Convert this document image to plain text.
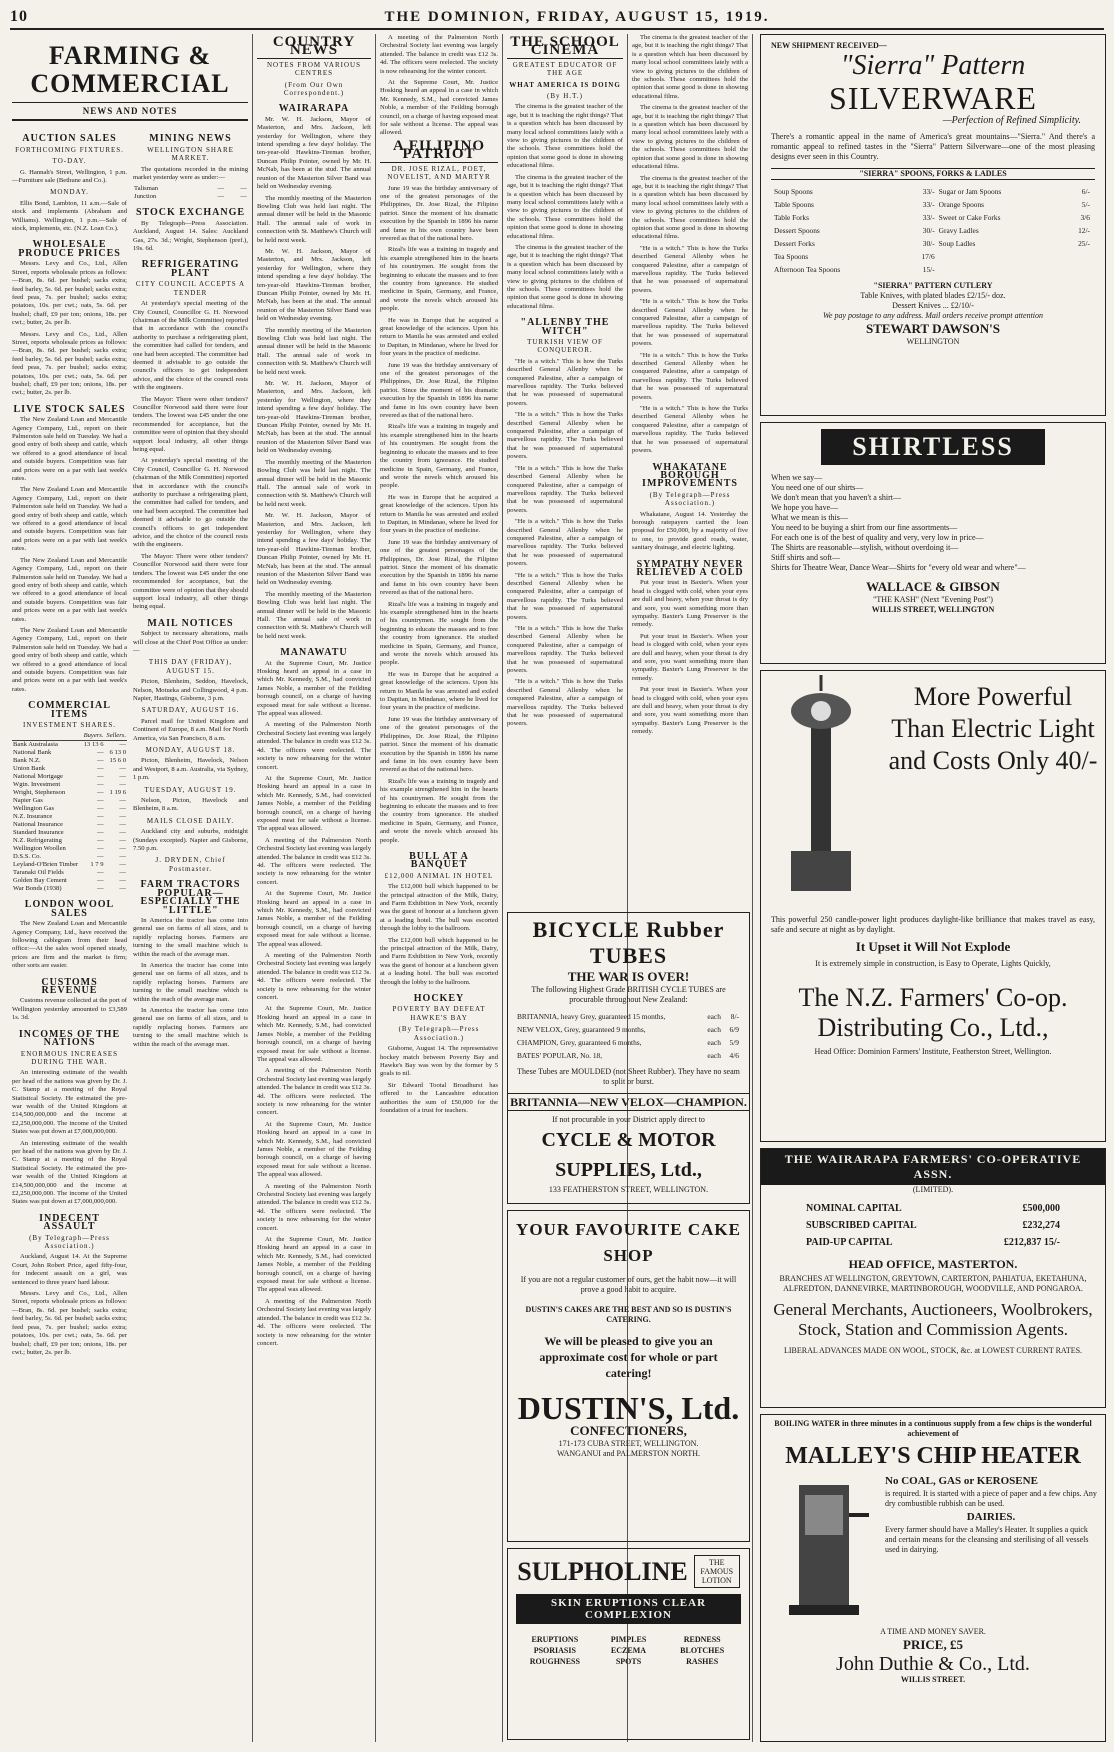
10	THE DOMINION, FRIDAY, AUGUST 15, 1919.
FARMING & COMMERCIAL
NEWS AND NOTES
AUCTION SALES
FORTHCOMING FIXTURES.
TO-DAY.

G. Hannah's Street, Wellington, 1 p.m.—Furniture sale (Bethune and Co.).

MONDAY.

Ellis Bond, Lambton, 11 a.m.—Sale of stock and implements (Abraham and Williams). Wellington, 1 p.m.—Sale of stock, implements, etc. (N.Z. Loan Co.).

WHOLESALE PRODUCE PRICES

Messrs. Levy and Co., Ltd., Allen Street, reports wholesale prices as follows:—Bran, 8s. 6d. per bushel; sacks extra; feed barley, 5s. 6d. per bushel; sacks extra; feed peas, 7s. per bushel; sacks extra; potatoes, 10s. per cwt.; oats, 5s. 6d. per bushel; chaff, £9 per ton; onions, 18s. per cwt.; butter, 2s. per lb.

Messrs. Levy and Co., Ltd., Allen Street, reports wholesale prices as follows:—Bran, 8s. 6d. per bushel; sacks extra; feed barley, 5s. 6d. per bushel; sacks extra; feed peas, 7s. per bushel; sacks extra; potatoes, 10s. per cwt.; oats, 5s. 6d. per bushel; chaff, £9 per ton; onions, 18s. per cwt.; butter, 2s. per lb.

LIVE STOCK SALES

The New Zealand Loan and Mercantile Agency Company, Ltd., report on their Palmerston sale held on Tuesday. We had a good entry of both sheep and cattle, which we offered to a good attendance of local and outside buyers. Competition was fair and prices were on a par with last week's rates.

The New Zealand Loan and Mercantile Agency Company, Ltd., report on their Palmerston sale held on Tuesday. We had a good entry of both sheep and cattle, which we offered to a good attendance of local and outside buyers. Competition was fair and prices were on a par with last week's rates.

The New Zealand Loan and Mercantile Agency Company, Ltd., report on their Palmerston sale held on Tuesday. We had a good entry of both sheep and cattle, which we offered to a good attendance of local and outside buyers. Competition was fair and prices were on a par with last week's rates.

The New Zealand Loan and Mercantile Agency Company, Ltd., report on their Palmerston sale held on Tuesday. We had a good entry of both sheep and cattle, which we offered to a good attendance of local and outside buyers. Competition was fair and prices were on a par with last week's rates.

COMMERCIAL ITEMS
INVESTMENT SHARES.
	Buyers.	Sellers.
Bank Australasia	13 13 6	—
National Bank	—	6 13 0
Bank N.Z.	—	15 6 0
Union Bank	—	—
National Mortgage	—	—
Wgtn. Investment	—	—
Wright, Stephenson	—	1 19 6
Napier Gas	—	—
Wellington Gas	—	—
N.Z. Insurance	—	—
National Insurance	—	—
Standard Insurance	—	—
N.Z. Refrigerating	—	—
Wellington Woollen	—	—
D.S.S. Co.	—	—
Leyland-O'Brien Timber	1 7 9	—
Taranaki Oil Fields	—	—
Golden Bay Cement	—	—
War Bonds (1938)	—	—
LONDON WOOL SALES

The New Zealand Loan and Mercantile Agency Company, Ltd., have received the following cablegram from their head office:—At the sales wool opened steady, prices are firm and the market is firm; other sorts are easier.

CUSTOMS REVENUE

Customs revenue collected at the port of Wellington yesterday amounted to £3,589 1s. 3d.

INCOMES OF THE NATIONS
ENORMOUS INCREASES DURING THE WAR.

An interesting estimate of the wealth per head of the nations was given by Dr. J. C. Stamp at a meeting of the Royal Statistical Society. He estimated the pre-war wealth of the United Kingdom at £14,500,000,000 and the income at £2,250,000,000. The income of the United States was put down at £7,000,000,000.

An interesting estimate of the wealth per head of the nations was given by Dr. J. C. Stamp at a meeting of the Royal Statistical Society. He estimated the pre-war wealth of the United Kingdom at £14,500,000,000 and the income at £2,250,000,000. The income of the United States was put down at £7,000,000,000.

INDECENT ASSAULT
(By Telegraph—Press Association.)

Auckland, August 14. At the Supreme Court, John Robert Price, aged fifty-four, for indecent assault on a girl, was sentenced to three years' hard labour.

Messrs. Levy and Co., Ltd., Allen Street, reports wholesale prices as follows:—Bran, 8s. 6d. per bushel; sacks extra; feed barley, 5s. 6d. per bushel; sacks extra; feed peas, 7s. per bushel; sacks extra; potatoes, 10s. per cwt.; oats, 5s. 6d. per bushel; chaff, £9 per ton; onions, 18s. per cwt.; butter, 2s. per lb.

MINING NEWS
WELLINGTON SHARE MARKET.

The quotations recorded in the mining market yesterday were as under:—

Talisman	—	—
Junction	—	—
STOCK EXCHANGE

By Telegraph—Press Association. Auckland, August 14. Sales: Auckland Gas, 27s. 3d.; Wright, Stephenson (pref.), 19s. 6d.

REFRIGERATING PLANT
CITY COUNCIL ACCEPTS A TENDER

At yesterday's special meeting of the City Council, Councillor G. H. Norwood (chairman of the Milk Committee) reported that in accordance with the council's authority to purchase a refrigerating plant, the committee had called for tenders, and one had been accepted. The committee had deemed it advisable to go outside the council's officers to get independent advice, and the choice of the council rests with the engineers.

The Mayor: There were other tenders? Councillor Norwood said there were four tenders. The lowest was £45 under the one recommended for acceptance, but the committee were of opinion that they should support local industry, all other things being equal.

At yesterday's special meeting of the City Council, Councillor G. H. Norwood (chairman of the Milk Committee) reported that in accordance with the council's authority to purchase a refrigerating plant, the committee had called for tenders, and one had been accepted. The committee had deemed it advisable to go outside the council's officers to get independent advice, and the choice of the council rests with the engineers.

The Mayor: There were other tenders? Councillor Norwood said there were four tenders. The lowest was £45 under the one recommended for acceptance, but the committee were of opinion that they should support local industry, all other things being equal.

MAIL NOTICES

Subject to necessary alterations, mails will close at the Chief Post Office as under:—

THIS DAY (FRIDAY), AUGUST 15.

Picton, Blenheim, Seddon, Havelock, Nelson, Motueka and Collingwood, 4 p.m. Napier, Hastings, Gisborne, 3 p.m.

SATURDAY, AUGUST 16.

Parcel mail for United Kingdom and Continent of Europe, 8 a.m. Mail for North America, via San Francisco, 8 a.m.

MONDAY, AUGUST 18.

Picton, Blenheim, Havelock, Nelson and Westport, 8 a.m. Australia, via Sydney, 1 p.m.

TUESDAY, AUGUST 19.

Nelson, Picton, Havelock and Blenheim, 8 a.m.

MAILS CLOSE DAILY.

Auckland city and suburbs, midnight (Sundays excepted). Napier and Gisborne, 7.50 p.m.

J. DRYDEN, Chief Postmaster.
FARM TRACTORS POPULAR—ESPECIALLY THE "LITTLE"

In America the tractor has come into general use on farms of all sizes, and is rapidly replacing horses. Farmers are turning to the small machine which is within the reach of the average man.

In America the tractor has come into general use on farms of all sizes, and is rapidly replacing horses. Farmers are turning to the small machine which is within the reach of the average man.

In America the tractor has come into general use on farms of all sizes, and is rapidly replacing horses. Farmers are turning to the small machine which is within the reach of the average man.

COUNTRY NEWS
NOTES FROM VARIOUS CENTRES
(From Our Own Correspondent.)
WAIRARAPA

Mr. W. H. Jackson, Mayor of Masterton, and Mrs. Jackson, left yesterday for Wellington, where they intend spending a few days' holiday. The ten-year-old Hawkins-Tireman brother, Duncan Philip Pointer, owned by Mr. H. McNab, has been at the stud. The annual reunion of the Masterton Silver Band was held on Wednesday evening.

The monthly meeting of the Masterton Bowling Club was held last night. The annual dinner will be held in the Masonic Hall. The annual sale of work in connection with St. Matthew's Church will be held next week.

Mr. W. H. Jackson, Mayor of Masterton, and Mrs. Jackson, left yesterday for Wellington, where they intend spending a few days' holiday. The ten-year-old Hawkins-Tireman brother, Duncan Philip Pointer, owned by Mr. H. McNab, has been at the stud. The annual reunion of the Masterton Silver Band was held on Wednesday evening.

The monthly meeting of the Masterton Bowling Club was held last night. The annual dinner will be held in the Masonic Hall. The annual sale of work in connection with St. Matthew's Church will be held next week.

Mr. W. H. Jackson, Mayor of Masterton, and Mrs. Jackson, left yesterday for Wellington, where they intend spending a few days' holiday. The ten-year-old Hawkins-Tireman brother, Duncan Philip Pointer, owned by Mr. H. McNab, has been at the stud. The annual reunion of the Masterton Silver Band was held on Wednesday evening.

The monthly meeting of the Masterton Bowling Club was held last night. The annual dinner will be held in the Masonic Hall. The annual sale of work in connection with St. Matthew's Church will be held next week.

Mr. W. H. Jackson, Mayor of Masterton, and Mrs. Jackson, left yesterday for Wellington, where they intend spending a few days' holiday. The ten-year-old Hawkins-Tireman brother, Duncan Philip Pointer, owned by Mr. H. McNab, has been at the stud. The annual reunion of the Masterton Silver Band was held on Wednesday evening.

The monthly meeting of the Masterton Bowling Club was held last night. The annual dinner will be held in the Masonic Hall. The annual sale of work in connection with St. Matthew's Church will be held next week.

MANAWATU

At the Supreme Court, Mr. Justice Hosking heard an appeal in a case in which Mr. Kennedy, S.M., had convicted James Noble, a member of the Feilding borough council, on a charge of having exposed meat for sale without a license. The appeal was allowed.

A meeting of the Palmerston North Orchestral Society last evening was largely attended. The balance in credit was £12 3s. 4d. The officers were reelected. The society is now rehearsing for the winter concert.

At the Supreme Court, Mr. Justice Hosking heard an appeal in a case in which Mr. Kennedy, S.M., had convicted James Noble, a member of the Feilding borough council, on a charge of having exposed meat for sale without a license. The appeal was allowed.

A meeting of the Palmerston North Orchestral Society last evening was largely attended. The balance in credit was £12 3s. 4d. The officers were reelected. The society is now rehearsing for the winter concert.

At the Supreme Court, Mr. Justice Hosking heard an appeal in a case in which Mr. Kennedy, S.M., had convicted James Noble, a member of the Feilding borough council, on a charge of having exposed meat for sale without a license. The appeal was allowed.

A meeting of the Palmerston North Orchestral Society last evening was largely attended. The balance in credit was £12 3s. 4d. The officers were reelected. The society is now rehearsing for the winter concert.

At the Supreme Court, Mr. Justice Hosking heard an appeal in a case in which Mr. Kennedy, S.M., had convicted James Noble, a member of the Feilding borough council, on a charge of having exposed meat for sale without a license. The appeal was allowed.

A meeting of the Palmerston North Orchestral Society last evening was largely attended. The balance in credit was £12 3s. 4d. The officers were reelected. The society is now rehearsing for the winter concert.

At the Supreme Court, Mr. Justice Hosking heard an appeal in a case in which Mr. Kennedy, S.M., had convicted James Noble, a member of the Feilding borough council, on a charge of having exposed meat for sale without a license. The appeal was allowed.

A meeting of the Palmerston North Orchestral Society last evening was largely attended. The balance in credit was £12 3s. 4d. The officers were reelected. The society is now rehearsing for the winter concert.

At the Supreme Court, Mr. Justice Hosking heard an appeal in a case in which Mr. Kennedy, S.M., had convicted James Noble, a member of the Feilding borough council, on a charge of having exposed meat for sale without a license. The appeal was allowed.

A meeting of the Palmerston North Orchestral Society last evening was largely attended. The balance in credit was £12 3s. 4d. The officers were reelected. The society is now rehearsing for the winter concert.

A meeting of the Palmerston North Orchestral Society last evening was largely attended. The balance in credit was £12 3s. 4d. The officers were reelected. The society is now rehearsing for the winter concert.

At the Supreme Court, Mr. Justice Hosking heard an appeal in a case in which Mr. Kennedy, S.M., had convicted James Noble, a member of the Feilding borough council, on a charge of having exposed meat for sale without a license. The appeal was allowed.

A FILIPINO PATRIOT
DR. JOSE RIZAL, POET, NOVELIST, AND MARTYR

June 19 was the birthday anniversary of one of the greatest personages of the Philippines, Dr. Jose Rizal, the Filipino patriot. Since the moment of his dramatic execution by the Spanish in 1896 his name and fame in his own country have been revered as that of the national hero.

Rizal's life was a training in tragedy and his example strengthened him in the hearts of his countrymen. He sought from the beginning to educate the masses and to free the country from ignorance. He studied medicine in Spain, Germany, and France, and wrote the novels which aroused his people.

He was in Europe that he acquired a great knowledge of the sciences. Upon his return to Manila he was arrested and exiled to Dapitan, in Mindanao, where he lived for four years in the practice of medicine.

June 19 was the birthday anniversary of one of the greatest personages of the Philippines, Dr. Jose Rizal, the Filipino patriot. Since the moment of his dramatic execution by the Spanish in 1896 his name and fame in his own country have been revered as that of the national hero.

Rizal's life was a training in tragedy and his example strengthened him in the hearts of his countrymen. He sought from the beginning to educate the masses and to free the country from ignorance. He studied medicine in Spain, Germany, and France, and wrote the novels which aroused his people.

He was in Europe that he acquired a great knowledge of the sciences. Upon his return to Manila he was arrested and exiled to Dapitan, in Mindanao, where he lived for four years in the practice of medicine.

June 19 was the birthday anniversary of one of the greatest personages of the Philippines, Dr. Jose Rizal, the Filipino patriot. Since the moment of his dramatic execution by the Spanish in 1896 his name and fame in his own country have been revered as that of the national hero.

Rizal's life was a training in tragedy and his example strengthened him in the hearts of his countrymen. He sought from the beginning to educate the masses and to free the country from ignorance. He studied medicine in Spain, Germany, and France, and wrote the novels which aroused his people.

He was in Europe that he acquired a great knowledge of the sciences. Upon his return to Manila he was arrested and exiled to Dapitan, in Mindanao, where he lived for four years in the practice of medicine.

June 19 was the birthday anniversary of one of the greatest personages of the Philippines, Dr. Jose Rizal, the Filipino patriot. Since the moment of his dramatic execution by the Spanish in 1896 his name and fame in his own country have been revered as that of the national hero.

Rizal's life was a training in tragedy and his example strengthened him in the hearts of his countrymen. He sought from the beginning to educate the masses and to free the country from ignorance. He studied medicine in Spain, Germany, and France, and wrote the novels which aroused his people.

BULL AT A BANQUET
£12,000 ANIMAL IN HOTEL

The £12,000 bull which happened to be the principal attraction of the Milk, Dairy, and Farm Exhibition in New York, recently was the guest of honour at a luncheon given at a leading hotel. The bull was escorted through the lobby to the ballroom.

The £12,000 bull which happened to be the principal attraction of the Milk, Dairy, and Farm Exhibition in New York, recently was the guest of honour at a luncheon given at a leading hotel. The bull was escorted through the lobby to the ballroom.

HOCKEY
POVERTY BAY DEFEAT HAWKE'S BAY
(By Telegraph—Press Association.)

Gisborne, August 14. The representative hockey match between Poverty Bay and Hawke's Bay was won by the former by 5 goals to nil.

Sir Edward Tootal Broadhurst has offered to the Lancashire education authorities the sum of £50,000 for the foundation of a trust for teachers.

THE SCHOOL CINEMA
GREATEST EDUCATOR OF THE AGE
WHAT AMERICA IS DOING
(By H.T.)

The cinema is the greatest teacher of the age, but it is teaching the right things? That is a question which has been discussed by many local school committees lately with a view to giving pictures to the children of the schools. These committees hold the opinion that some good is done in showing educational films.

The cinema is the greatest teacher of the age, but it is teaching the right things? That is a question which has been discussed by many local school committees lately with a view to giving pictures to the children of the schools. These committees hold the opinion that some good is done in showing educational films.

The cinema is the greatest teacher of the age, but it is teaching the right things? That is a question which has been discussed by many local school committees lately with a view to giving pictures to the children of the schools. These committees hold the opinion that some good is done in showing educational films.

"ALLENBY THE WITCH"
TURKISH VIEW OF CONQUEROR.

"He is a witch." This is how the Turks described General Allenby when he conquered Palestine, after a campaign of marvellous rapidity. The Turks believed that he was possessed of supernatural powers.

"He is a witch." This is how the Turks described General Allenby when he conquered Palestine, after a campaign of marvellous rapidity. The Turks believed that he was possessed of supernatural powers.

"He is a witch." This is how the Turks described General Allenby when he conquered Palestine, after a campaign of marvellous rapidity. The Turks believed that he was possessed of supernatural powers.

"He is a witch." This is how the Turks described General Allenby when he conquered Palestine, after a campaign of marvellous rapidity. The Turks believed that he was possessed of supernatural powers.

"He is a witch." This is how the Turks described General Allenby when he conquered Palestine, after a campaign of marvellous rapidity. The Turks believed that he was possessed of supernatural powers.

"He is a witch." This is how the Turks described General Allenby when he conquered Palestine, after a campaign of marvellous rapidity. The Turks believed that he was possessed of supernatural powers.

"He is a witch." This is how the Turks described General Allenby when he conquered Palestine, after a campaign of marvellous rapidity. The Turks believed that he was possessed of supernatural powers.

The cinema is the greatest teacher of the age, but it is teaching the right things? That is a question which has been discussed by many local school committees lately with a view to giving pictures to the children of the schools. These committees hold the opinion that some good is done in showing educational films.

The cinema is the greatest teacher of the age, but it is teaching the right things? That is a question which has been discussed by many local school committees lately with a view to giving pictures to the children of the schools. These committees hold the opinion that some good is done in showing educational films.

The cinema is the greatest teacher of the age, but it is teaching the right things? That is a question which has been discussed by many local school committees lately with a view to giving pictures to the children of the schools. These committees hold the opinion that some good is done in showing educational films.

"He is a witch." This is how the Turks described General Allenby when he conquered Palestine, after a campaign of marvellous rapidity. The Turks believed that he was possessed of supernatural powers.

"He is a witch." This is how the Turks described General Allenby when he conquered Palestine, after a campaign of marvellous rapidity. The Turks believed that he was possessed of supernatural powers.

"He is a witch." This is how the Turks described General Allenby when he conquered Palestine, after a campaign of marvellous rapidity. The Turks believed that he was possessed of supernatural powers.

"He is a witch." This is how the Turks described General Allenby when he conquered Palestine, after a campaign of marvellous rapidity. The Turks believed that he was possessed of supernatural powers.

WHAKATANE BOROUGH IMPROVEMENTS
(By Telegraph—Press Association.)

Whakatane, August 14. Yesterday the borough ratepayers carried the loan proposal for £50,000, by a majority of five to one, to provide good roads, water, sanitary drainage, and electric lighting.

SYMPATHY NEVER RELIEVED A COLD

Put your trust in Baxter's. When your head is clogged with cold, when your eyes are dull and heavy, when your throat is dry and sore, you want something more than sympathy. Baxter's Lung Preserver is the remedy.

Put your trust in Baxter's. When your head is clogged with cold, when your eyes are dull and heavy, when your throat is dry and sore, you want something more than sympathy. Baxter's Lung Preserver is the remedy.

Put your trust in Baxter's. When your head is clogged with cold, when your eyes are dull and heavy, when your throat is dry and sore, you want something more than sympathy. Baxter's Lung Preserver is the remedy.

BICYCLE Rubber TUBES
THE WAR IS OVER!
The following Highest Grade BRITISH CYCLE TUBES are procurable throughout New Zealand:
BRITANNIA, heavy Grey, guaranteed 15 months,	each	8/-
NEW VELOX, Grey, guaranteed 9 months,	each	6/9
CHAMPION, Grey, guaranteed 6 months,	each	5/9
BATES' POPULAR, No. 18,	each	4/6
These Tubes are MOULDED (not Sheet Rubber). They have no seam to split or burst.
BRITANNIA—NEW VELOX—CHAMPION.
If not procurable in your District apply direct to
CYCLE & MOTOR SUPPLIES, Ltd.,
133 FEATHERSTON STREET, WELLINGTON.
YOUR FAVOURITE CAKE SHOP
If you are not a regular customer of ours, get the habit now—it will prove a good habit to acquire.
DUSTIN'S CAKES ARE THE BEST AND SO IS DUSTIN'S CATERING.
We will be pleased to give you an approximate cost for whole or part catering!
DUSTIN'S, Ltd.
CONFECTIONERS,
171-173 CUBA STREET, WELLINGTON.
WANGANUI and PALMERSTON NORTH.
SULPHOLINE	THE FAMOUS LOTION
SKIN ERUPTIONS CLEAR COMPLEXION
ERUPTIONS	PIMPLES	REDNESS
PSORIASIS	ECZEMA	BLOTCHES
ROUGHNESS	SPOTS	RASHES
NEW SHIPMENT RECEIVED—
"Sierra" Pattern
SILVERWARE
—Perfection of Refined Simplicity.
There's a romantic appeal in the name of America's great mountains—"Sierra." And there's a romantic appeal to refined tastes in the "Sierra" Pattern Silverware—one of the most pleasing designs ever seen in this Country.
"SIERRA" SPOONS, FORKS & LADLES
Soup Spoons	33/-	Sugar or Jam Spoons	6/-
Table Spoons	33/-	Orange Spoons	5/-
Table Forks	33/-	Sweet or Cake Forks	3/6
Dessert Spoons	30/-	Gravy Ladles	12/-
Dessert Forks	30/-	Soup Ladles	25/-
Tea Spoons	17/6		
Afternoon Tea Spoons	15/-		
"SIERRA" PATTERN CUTLERY
Table Knives, with plated blades £2/15/- doz.
Dessert Knives ... £2/10/-
We pay postage to any address. Mail orders receive prompt attention
STEWART DAWSON'S
WELLINGTON
SHIRTLESS
When we say—
You need one of our shirts—
We don't mean that you haven't a shirt—
We hope you have—
What we mean is this—
You need to be buying a shirt from our fine assortments—
For each one is of the best of quality and very, very low in price—
The Shirts are reasonable—stylish, without overdoing it—
Stiff shirts and soft—
Shirts for Theatre Wear, Dance Wear—Shirts for "every old wear and where"—
WALLACE & GIBSON
"THE KASH" (Next "Evening Post")
WILLIS STREET, WELLINGTON
More Powerful Than Electric Light and Costs Only 40/-
This powerful 250 candle-power light produces daylight-like brilliance that makes travel as easy, safe and secure at night as by daylight.
It Upset it Will Not Explode
It is extremely simple in construction, is Easy to Operate, Lights Quickly,
The N.Z. Farmers' Co-op. Distributing Co., Ltd.,
Head Office: Dominion Farmers' Institute, Featherston Street, Wellington.
THE WAIRARAPA FARMERS' CO-OPERATIVE ASSN.
(LIMITED).
NOMINAL CAPITAL	£500,000
SUBSCRIBED CAPITAL	£232,274
PAID-UP CAPITAL	£212,837 15/-
HEAD OFFICE, MASTERTON.
BRANCHES AT WELLINGTON, GREYTOWN, CARTERTON, PAHIATUA, EKETAHUNA, ALFREDTON, DANNEVIRKE, MARTINBOROUGH, WOODVILLE, AND PONGAROA.
General Merchants, Auctioneers, Woolbrokers, Stock, Station and Commission Agents.
LIBERAL ADVANCES MADE ON WOOL, STOCK, &c. at LOWEST CURRENT RATES.
BOILING WATER in three minutes in a continuous supply from a few chips is the wonderful achievement of
MALLEY'S CHIP HEATER
No COAL, GAS or KEROSENE
is required. It is started with a piece of paper and a few chips. Any dry combustible rubbish can be used.
DAIRIES.
Every farmer should have a Malley's Heater. It supplies a quick and certain means for the cleansing and sterilising of all vessels used in dairying.
A TIME AND MONEY SAVER.
PRICE, £5
John Duthie & Co., Ltd.
WILLIS STREET.
